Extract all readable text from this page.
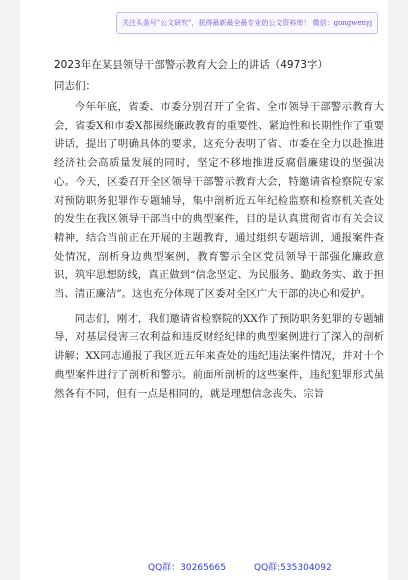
关注头条号"公文研究"，获得最新最全最专业的公文资料库！ 微信：gongwenyj
2023年在某县领导干部警示教育大会上的讲话（4973字）
同志们：

今年年底，省委、市委分别召开了全省、全市领导干部警示教育大会，省委X和市委X都围绕廉政教育的重要性、紧迫性和长期性作了重要讲话，提出了明确具体的要求，这充分表明了省、市委在全力以赴推进经济社会高质量发展的同时，坚定不移地推进反腐倡廉建设的坚强决心。今天，区委召开全区领导干部警示教育大会，特邀请省检察院专家对预防职务犯罪作专题辅导，集中剖析近五年纪检监察和检察机关查处的发生在我区领导干部当中的典型案件，目的是认真贯彻省市有关会议精神，结合当前正在开展的主题教育，通过组织专题培训，通报案件查处情况，剖析身边典型案例，教育警示全区党员领导干部强化廉政意识，筑牢思想防线，真正做到“信念坚定、为民服务、勤政务实、敢于担当、清正廉洁”。这也充分体现了区委对全区广大干部的决心和爱护。

同志们，刚才，我们邀请省检察院的XX作了预防职务犯罪的专题辅导，对基层侵害三农利益和违反财经纪律的典型案例进行了深入的剖析讲解；XX同志通报了我区近五年来查处的违纪违法案件情况，并对十个典型案件进行了剖析和警示。前面所剖析的这些案件，违纪犯罪形式虽然各有不同，但有一点是相同的，就是理想信念丧失、宗旨

QQ群：30265665	QQ群:535304092
